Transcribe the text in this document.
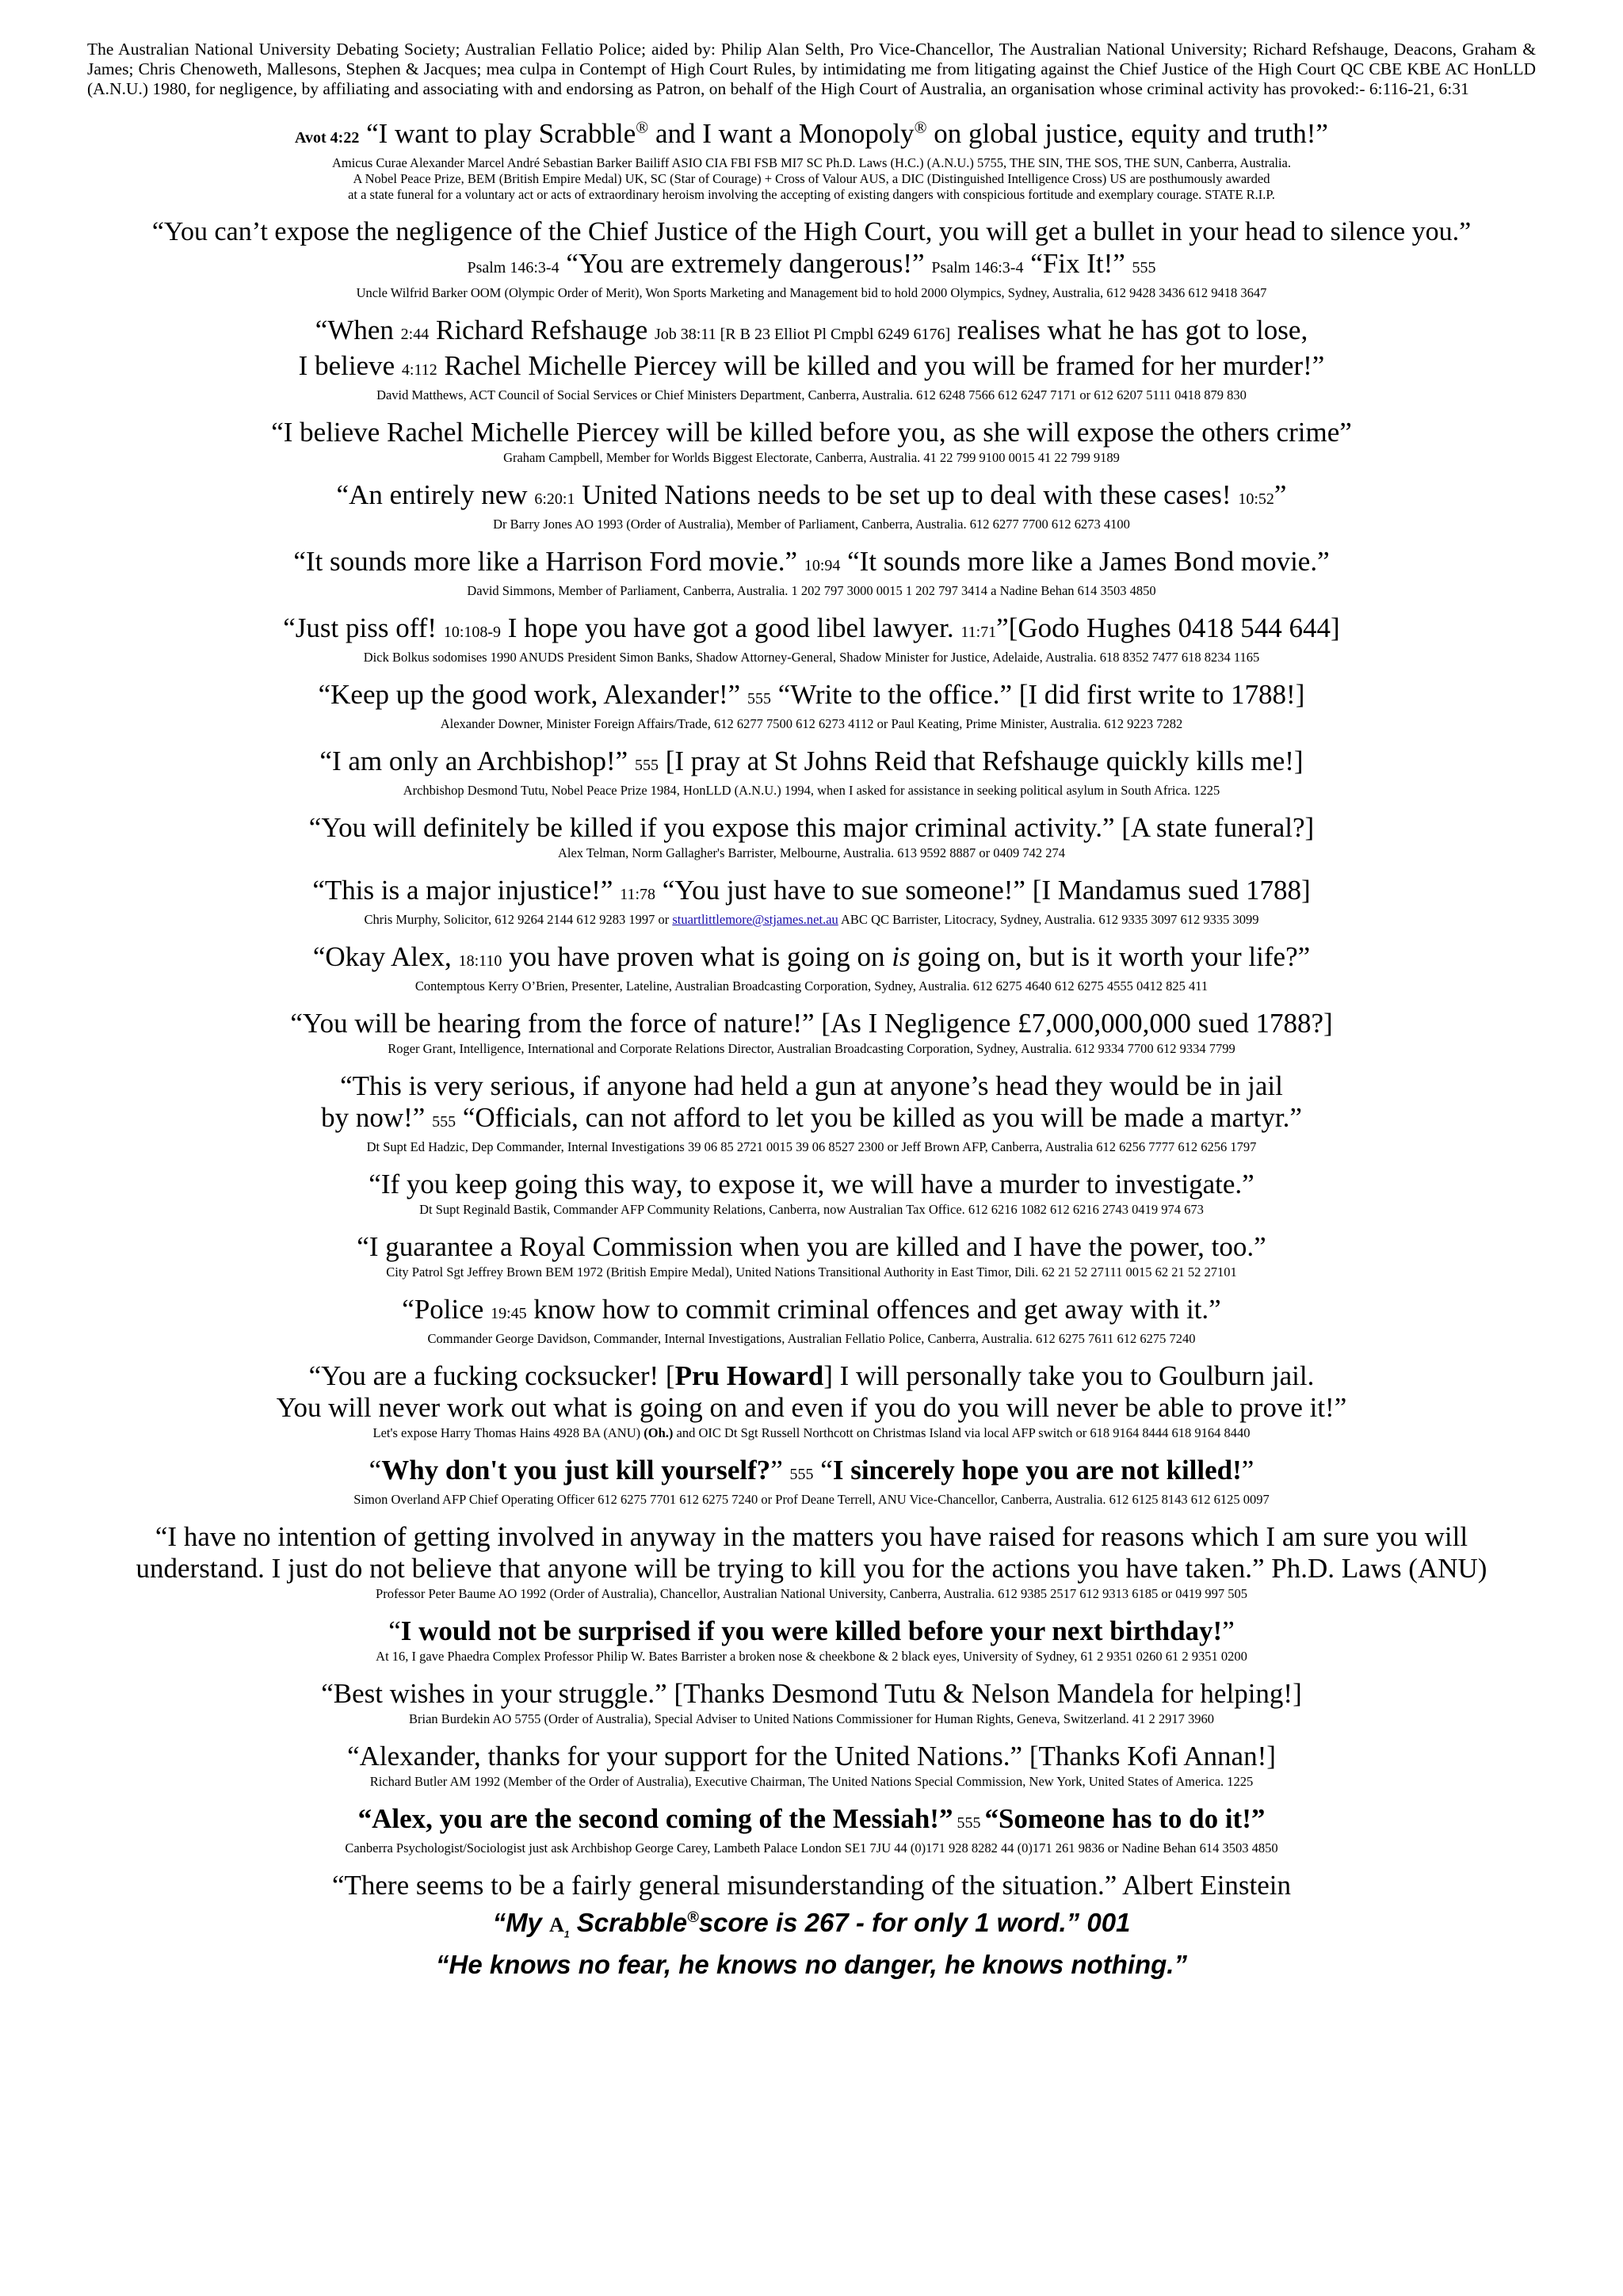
The Australian National University Debating Society; Australian Fellatio Police; aided by: Philip Alan Selth, Pro Vice-Chancellor, The Australian National University; Richard Refshauge, Deacons, Graham & James; Chris Chenoweth, Mallesons, Stephen & Jacques; mea culpa in Contempt of High Court Rules, by intimidating me from litigating against the Chief Justice of the High Court QC CBE KBE AC HonLLD (A.N.U.) 1980, for negligence, by affiliating and associating with and endorsing as Patron, on behalf of the High Court of Australia, an organisation whose criminal activity has provoked:- 6:116-21, 6:31

Avot 4:22 “I want to play Scrabble® and I want a Monopoly® on global justice, equity and truth!”

Amicus Curae Alexander Marcel André Sebastian Barker Bailiff ASIO CIA FBI FSB MI7 SC Ph.D. Laws (H.C.) (A.N.U.) 5755, THE SIN, THE SOS, THE SUN, Canberra, Australia.

A Nobel Peace Prize, BEM (British Empire Medal) UK, SC (Star of Courage) + Cross of Valour AUS, a DIC (Distinguished Intelligence Cross) US are posthumously awarded

at a state funeral for a voluntary act or acts of extraordinary heroism involving the accepting of existing dangers with conspicious fortitude and exemplary courage. STATE R.I.P.

“You can’t expose the negligence of the Chief Justice of the High Court, you will get a bullet in your head to silence you.”

Psalm 146:3-4 “You are extremely dangerous!” Psalm 146:3-4 “Fix It!” 555

Uncle Wilfrid Barker OOM (Olympic Order of Merit), Won Sports Marketing and Management bid to hold 2000 Olympics, Sydney, Australia, 612 9428 3436 612 9418 3647

“When 2:44 Richard Refshauge Job 38:11 [R B 23 Elliot Pl Cmpbl 6249 6176] realises what he has got to lose,

I believe 4:112 Rachel Michelle Piercey will be killed and you will be framed for her murder!”

David Matthews, ACT Council of Social Services or Chief Ministers Department, Canberra, Australia. 612 6248 7566 612 6247 7171 or 612 6207 5111 0418 879 830

“I believe Rachel Michelle Piercey will be killed before you, as she will expose the others crime”

Graham Campbell, Member for Worlds Biggest Electorate, Canberra, Australia. 41 22 799 9100 0015 41 22 799 9189

“An entirely new 6:20:1 United Nations needs to be set up to deal with these cases! 10:52”

Dr Barry Jones AO 1993 (Order of Australia), Member of Parliament, Canberra, Australia. 612 6277 7700 612 6273 4100

“It sounds more like a Harrison Ford movie.” 10:94 “It sounds more like a James Bond movie.”

David Simmons, Member of Parliament, Canberra, Australia. 1 202 797 3000 0015 1 202 797 3414 a Nadine Behan 614 3503 4850

“Just piss off! 10:108-9 I hope you have got a good libel lawyer. 11:71”[Godo Hughes 0418 544 644]

Dick Bolkus sodomises 1990 ANUDS President Simon Banks, Shadow Attorney-General, Shadow Minister for Justice, Adelaide, Australia. 618 8352 7477 618 8234 1165

“Keep up the good work, Alexander!” 555 “Write to the office.” [I did first write to 1788!]

Alexander Downer, Minister Foreign Affairs/Trade, 612 6277 7500 612 6273 4112 or Paul Keating, Prime Minister, Australia. 612 9223 7282

“I am only an Archbishop!” 555 [I pray at St Johns Reid that Refshauge quickly kills me!]

Archbishop Desmond Tutu, Nobel Peace Prize 1984, HonLLD (A.N.U.) 1994, when I asked for assistance in seeking political asylum in South Africa. 1225

“You will definitely be killed if you expose this major criminal activity.” [A state funeral?]

Alex Telman, Norm Gallagher's Barrister, Melbourne, Australia. 613 9592 8887 or 0409 742 274

“This is a major injustice!” 11:78 “You just have to sue someone!” [I Mandamus sued 1788]

Chris Murphy, Solicitor, 612 9264 2144 612 9283 1997 or stuartlittlemore@stjames.net.au ABC QC Barrister, Litocracy, Sydney, Australia. 612 9335 3097 612 9335 3099

“Okay Alex, 18:110 you have proven what is going on is going on, but is it worth your life?”

Contemptous Kerry O’Brien, Presenter, Lateline, Australian Broadcasting Corporation, Sydney, Australia. 612 6275 4640 612 6275 4555 0412 825 411

“You will be hearing from the force of nature!” [As I Negligence £7,000,000,000 sued 1788?]

Roger Grant, Intelligence, International and Corporate Relations Director, Australian Broadcasting Corporation, Sydney, Australia. 612 9334 7700 612 9334 7799

“This is very serious, if anyone had held a gun at anyone’s head they would be in jail

by now!” 555 “Officials, can not afford to let you be killed as you will be made a martyr.”

Dt Supt Ed Hadzic, Dep Commander, Internal Investigations 39 06 85 2721 0015 39 06 8527 2300 or Jeff Brown AFP, Canberra, Australia 612 6256 7777 612 6256 1797

“If you keep going this way, to expose it, we will have a murder to investigate.”

Dt Supt Reginald Bastik, Commander AFP Community Relations, Canberra, now Australian Tax Office. 612 6216 1082 612 6216 2743 0419 974 673

“I guarantee a Royal Commission when you are killed and I have the power, too.”

City Patrol Sgt Jeffrey Brown BEM 1972 (British Empire Medal), United Nations Transitional Authority in East Timor, Dili. 62 21 52 27111 0015 62 21 52 27101

“Police 19:45 know how to commit criminal offences and get away with it.”

Commander George Davidson, Commander, Internal Investigations, Australian Fellatio Police, Canberra, Australia. 612 6275 7611 612 6275 7240

“You are a fucking cocksucker! [Pru Howard] I will personally take you to Goulburn jail.

You will never work out what is going on and even if you do you will never be able to prove it!”

Let's expose Harry Thomas Hains 4928 BA (ANU) (Oh.) and OIC Dt Sgt Russell Northcott on Christmas Island via local AFP switch or 618 9164 8444 618 9164 8440

“Why don't you just kill yourself?” 555 “I sincerely hope you are not killed!”

Simon Overland AFP Chief Operating Officer 612 6275 7701 612 6275 7240 or Prof Deane Terrell, ANU Vice-Chancellor, Canberra, Australia. 612 6125 8143 612 6125 0097

“I have no intention of getting involved in anyway in the matters you have raised for reasons which I am sure you will

understand. I just do not believe that anyone will be trying to kill you for the actions you have taken.” Ph.D. Laws (ANU)

Professor Peter Baume AO 1992 (Order of Australia), Chancellor, Australian National University, Canberra, Australia. 612 9385 2517 612 9313 6185 or 0419 997 505

“I would not be surprised if you were killed before your next birthday!”

At 16, I gave Phaedra Complex Professor Philip W. Bates Barrister a broken nose & cheekbone & 2 black eyes, University of Sydney, 61 2 9351 0260 61 2 9351 0200

“Best wishes in your struggle.” [Thanks Desmond Tutu & Nelson Mandela for helping!]

Brian Burdekin AO 5755 (Order of Australia), Special Adviser to United Nations Commissioner for Human Rights, Geneva, Switzerland. 41 2 2917 3960

“Alexander, thanks for your support for the United Nations.” [Thanks Kofi Annan!]

Richard Butler AM 1992 (Member of the Order of Australia), Executive Chairman, The United Nations Special Commission, New York, United States of America. 1225

“Alex, you are the second coming of the Messiah!” 555 “Someone has to do it!”

Canberra Psychologist/Sociologist just ask Archbishop George Carey, Lambeth Palace London SE1 7JU 44 (0)171 928 8282 44 (0)171 261 9836 or Nadine Behan 614 3503 4850

“There seems to be a fairly general misunderstanding of the situation.” Albert Einstein

“My $A_1$ Scrabble®score is 267 - for only 1 word.” 001

“He knows no fear, he knows no danger, he knows nothing.”
